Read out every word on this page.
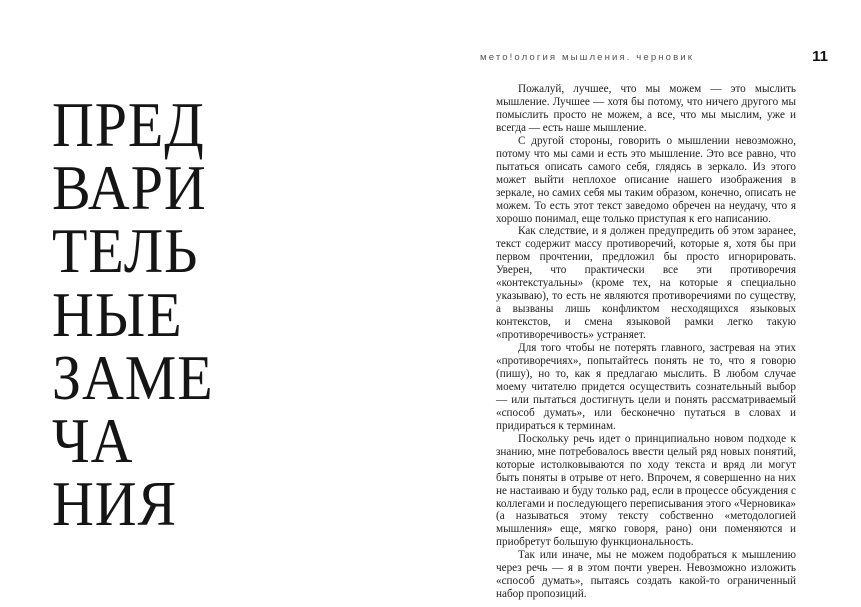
ПРЕД
ВАРИ
ТЕЛЬ
НЫЕ
ЗАМЕ
ЧА
НИЯ
мето!ология мышления. черновик	11

Пожалуй, лучшее, что мы можем — это мыслить мышление. Лучшее — хотя бы потому, что ничего другого мы помыслить просто не можем, а все, что мы мыслим, уже и всегда — есть наше мышление.

С другой стороны, говорить о мышлении невозможно, потому что мы сами и есть это мышление. Это все равно, что пытаться описать самого себя, глядясь в зеркало. Из этого может выйти неплохое описание нашего изображения в зеркале, но самих себя мы таким образом, конечно, описать не можем. То есть этот текст заведомо обречен на неудачу, что я хорошо понимал, еще только приступая к его написанию.

Как следствие, и я должен предупредить об этом заранее, текст содержит массу противоречий, которые я, хотя бы при первом прочтении, предложил бы просто игнорировать. Уверен, что практически все эти противоречия «контекстуальны» (кроме тех, на которые я специально указываю), то есть не являются противоречиями по существу, а вызваны лишь конфликтом несходящихся языковых контекстов, и смена языковой рамки легко такую «противоречивость» устраняет.

Для того чтобы не потерять главного, застревая на этих «противоречиях», попытайтесь понять не то, что я говорю (пишу), но то, как я предлагаю мыслить. В любом случае моему читателю придется осуществить сознательный выбор — или пытаться достигнуть цели и понять рассматриваемый «способ думать», или бесконечно путаться в словах и придираться к терминам.

Поскольку речь идет о принципиально новом подходе к знанию, мне потребовалось ввести целый ряд новых понятий, которые истолковываются по ходу текста и вряд ли могут быть поняты в отрыве от него. Впрочем, я совершенно на них не настаиваю и буду только рад, если в процессе обсуждения с коллегами и последующего переписывания этого «Черновика» (а называться этому тексту собственно «методологией мышления» еще, мягко говоря, рано) они поменяются и приобретут большую функциональность.

Так или иначе, мы не можем подобраться к мышлению через речь — я в этом почти уверен. Невозможно изложить «способ думать», пытаясь создать какой-то ограниченный набор пропозиций.
